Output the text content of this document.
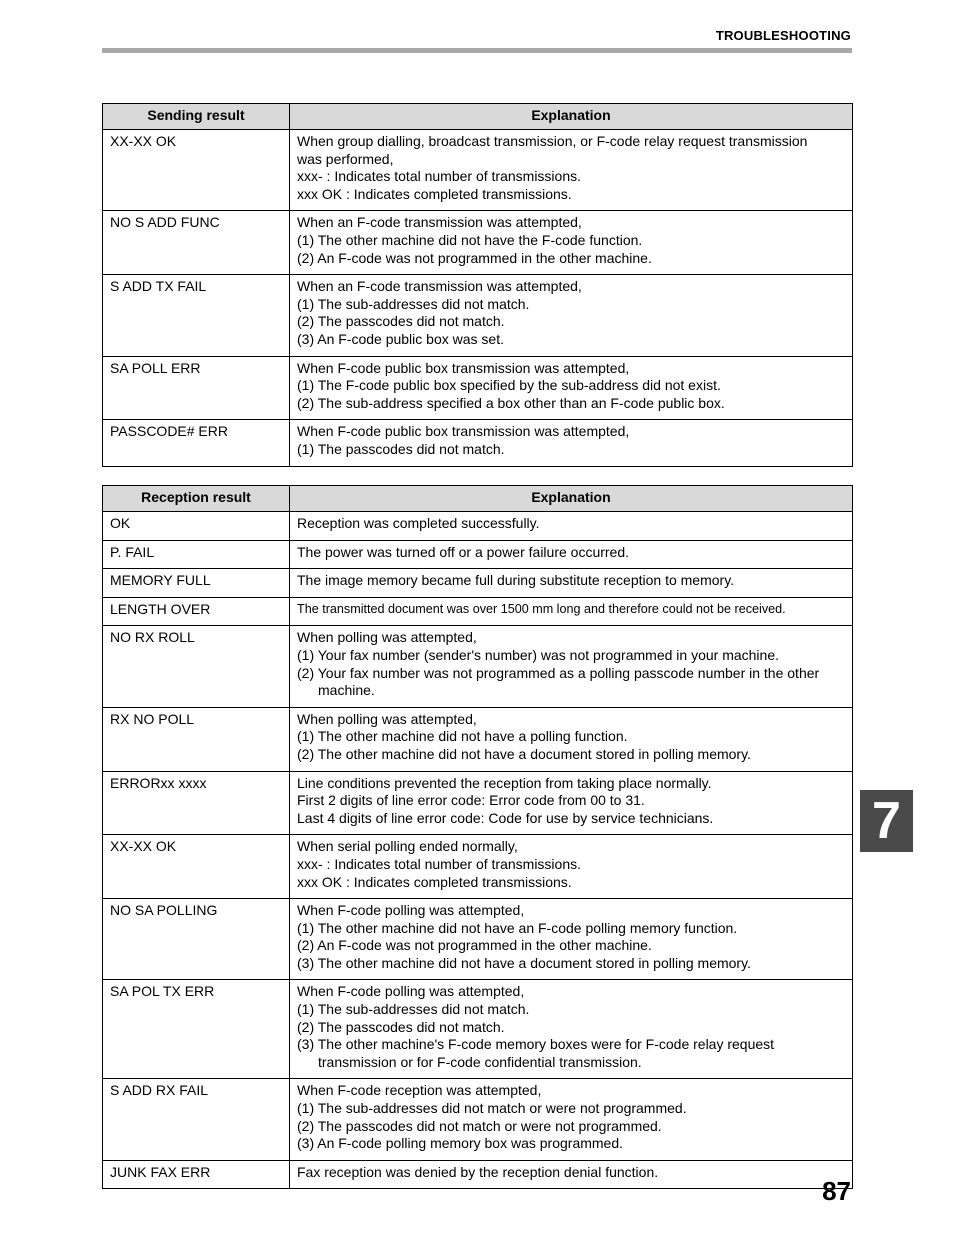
TROUBLESHOOTING
Sending result	Explanation
XX-XX OK	When group dialling, broadcast transmission, or F-code relay request transmission
was performed,
xxx- : Indicates total number of transmissions.
xxx OK : Indicates completed transmissions.

NO S ADD FUNC	When an F-code transmission was attempted,
(1) The other machine did not have the F-code function.
(2) An F-code was not programmed in the other machine.

S ADD TX FAIL	When an F-code transmission was attempted,
(1) The sub-addresses did not match.
(2) The passcodes did not match.
(3) An F-code public box was set.

SA POLL ERR	When F-code public box transmission was attempted,
(1) The F-code public box specified by the sub-address did not exist.
(2) The sub-address specified a box other than an F-code public box.

PASSCODE# ERR	When F-code public box transmission was attempted,
(1) The passcodes did not match.
Reception result	Explanation
OK	Reception was completed successfully.

P. FAIL	The power was turned off or a power failure occurred.

MEMORY FULL	The image memory became full during substitute reception to memory.

LENGTH OVER	The transmitted document was over 1500 mm long and therefore could not be received.

NO RX ROLL	When polling was attempted,
(1) Your fax number (sender's number) was not programmed in your machine.
(2) Your fax number was not programmed as a polling passcode number in the other
machine.

RX NO POLL	When polling was attempted,
(1) The other machine did not have a polling function.
(2) The other machine did not have a document stored in polling memory.

ERRORxx xxxx	Line conditions prevented the reception from taking place normally.
First 2 digits of line error code: Error code from 00 to 31.
Last 4 digits of line error code: Code for use by service technicians.

XX-XX OK	When serial polling ended normally,
xxx- : Indicates total number of transmissions.
xxx OK : Indicates completed transmissions.

NO SA POLLING	When F-code polling was attempted,
(1) The other machine did not have an F-code polling memory function.
(2) An F-code was not programmed in the other machine.
(3) The other machine did not have a document stored in polling memory.

SA POL TX ERR	When F-code polling was attempted,
(1) The sub-addresses did not match.
(2) The passcodes did not match.
(3) The other machine's F-code memory boxes were for F-code relay request
transmission or for F-code confidential transmission.

S ADD RX FAIL	When F-code reception was attempted,
(1) The sub-addresses did not match or were not programmed.
(2) The passcodes did not match or were not programmed.
(3) An F-code polling memory box was programmed.

JUNK FAX ERR	Fax reception was denied by the reception denial function.
7
87
